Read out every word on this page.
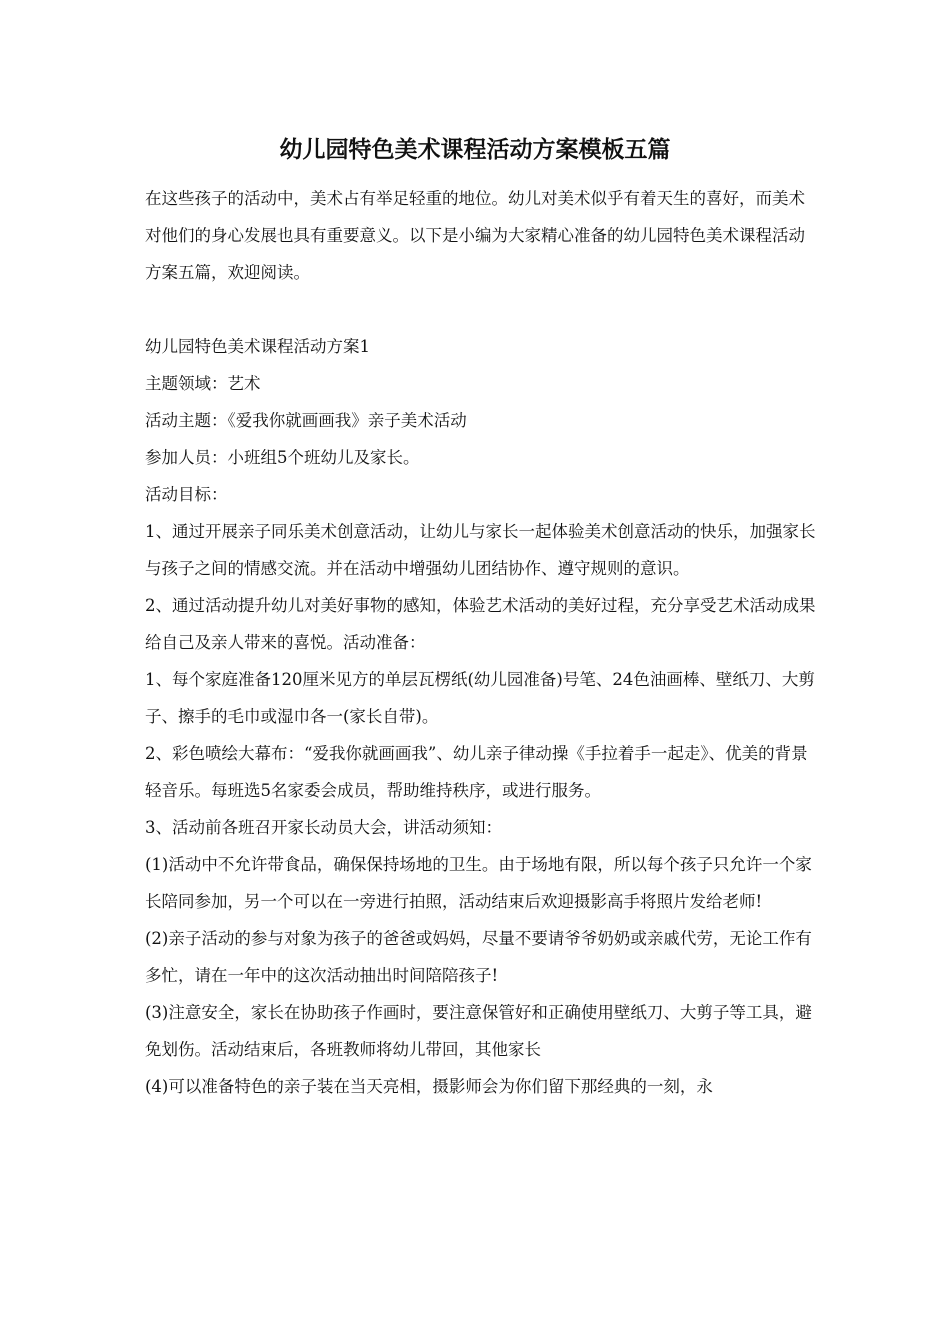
幼儿园特色美术课程活动方案模板五篇

在这些孩子的活动中，美术占有举足轻重的地位。幼儿对美术似乎有着天生的喜好，而美术对他们的身心发展也具有重要意义。以下是小编为大家精心准备的幼儿园特色美术课程活动方案五篇，欢迎阅读。

幼儿园特色美术课程活动方案1

主题领域：艺术

活动主题：《爱我你就画画我》亲子美术活动

参加人员：小班组5个班幼儿及家长。

活动目标：

1、通过开展亲子同乐美术创意活动，让幼儿与家长一起体验美术创意活动的快乐，加强家长与孩子之间的情感交流。并在活动中增强幼儿团结协作、遵守规则的意识。

2、通过活动提升幼儿对美好事物的感知，体验艺术活动的美好过程，充分享受艺术活动成果给自己及亲人带来的喜悦。活动准备：

1、每个家庭准备120厘米见方的单层瓦楞纸(幼儿园准备)号笔、24色油画棒、壁纸刀、大剪子、擦手的毛巾或湿巾各一(家长自带)。

2、彩色喷绘大幕布：“爱我你就画画我”、幼儿亲子律动操《手拉着手一起走》、优美的背景轻音乐。每班选5名家委会成员，帮助维持秩序，或进行服务。

3、活动前各班召开家长动员大会，讲活动须知：

(1)活动中不允许带食品，确保保持场地的卫生。由于场地有限，所以每个孩子只允许一个家长陪同参加，另一个可以在一旁进行拍照，活动结束后欢迎摄影高手将照片发给老师!

(2)亲子活动的参与对象为孩子的爸爸或妈妈，尽量不要请爷爷奶奶或亲戚代劳，无论工作有多忙，请在一年中的这次活动抽出时间陪陪孩子!

(3)注意安全，家长在协助孩子作画时，要注意保管好和正确使用壁纸刀、大剪子等工具，避免划伤。活动结束后，各班教师将幼儿带回，其他家长

(4)可以准备特色的亲子装在当天亮相，摄影师会为你们留下那经典的一刻，永
